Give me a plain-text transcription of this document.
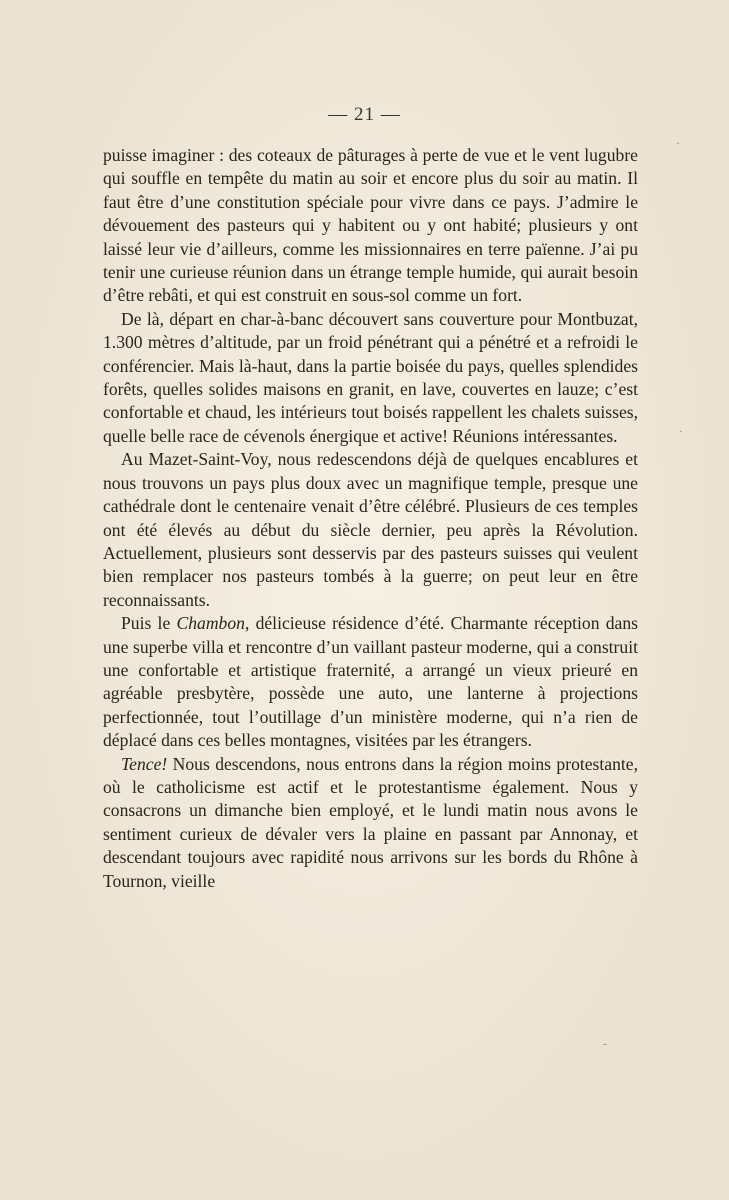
— 21 —

puisse imaginer : des coteaux de pâturages à perte de vue et le vent lugubre qui souffle en tempête du matin au soir et encore plus du soir au matin. Il faut être d’une constitution spéciale pour vivre dans ce pays. J’admire le dévouement des pasteurs qui y habitent ou y ont habité; plusieurs y ont laissé leur vie d’ailleurs, comme les missionnaires en terre païenne. J’ai pu tenir une curieuse réunion dans un étrange temple humide, qui aurait besoin d’être rebâti, et qui est construit en sous-sol comme un fort.

De là, départ en char-à-banc découvert sans couverture pour Montbuzat, 1.300 mètres d’altitude, par un froid pénétrant qui a pénétré et a refroidi le conférencier. Mais là-haut, dans la partie boisée du pays, quelles splendides forêts, quelles solides maisons en granit, en lave, couvertes en lauze; c’est confortable et chaud, les intérieurs tout boisés rappellent les chalets suisses, quelle belle race de cévenols énergique et active! Réunions intéressantes.

Au Mazet-Saint-Voy, nous redescendons déjà de quelques encablures et nous trouvons un pays plus doux avec un magnifique temple, presque une cathédrale dont le centenaire venait d’être célébré. Plusieurs de ces temples ont été élevés au début du siècle dernier, peu après la Révolution. Actuellement, plusieurs sont desservis par des pasteurs suisses qui veulent bien remplacer nos pasteurs tombés à la guerre; on peut leur en être reconnaissants.

Puis le Chambon, délicieuse résidence d’été. Charmante réception dans une superbe villa et rencontre d’un vaillant pasteur moderne, qui a construit une confortable et artistique fraternité, a arrangé un vieux prieuré en agréable presbytère, possède une auto, une lanterne à projections perfectionnée, tout l’outillage d’un ministère moderne, qui n’a rien de déplacé dans ces belles montagnes, visitées par les étrangers.

Tence! Nous descendons, nous entrons dans la région moins protestante, où le catholicisme est actif et le protestantisme également. Nous y consacrons un dimanche bien employé, et le lundi matin nous avons le sentiment curieux de dévaler vers la plaine en passant par Annonay, et descendant toujours avec rapidité nous arrivons sur les bords du Rhône à Tournon, vieille

ˊ
ˋ
ˉ
